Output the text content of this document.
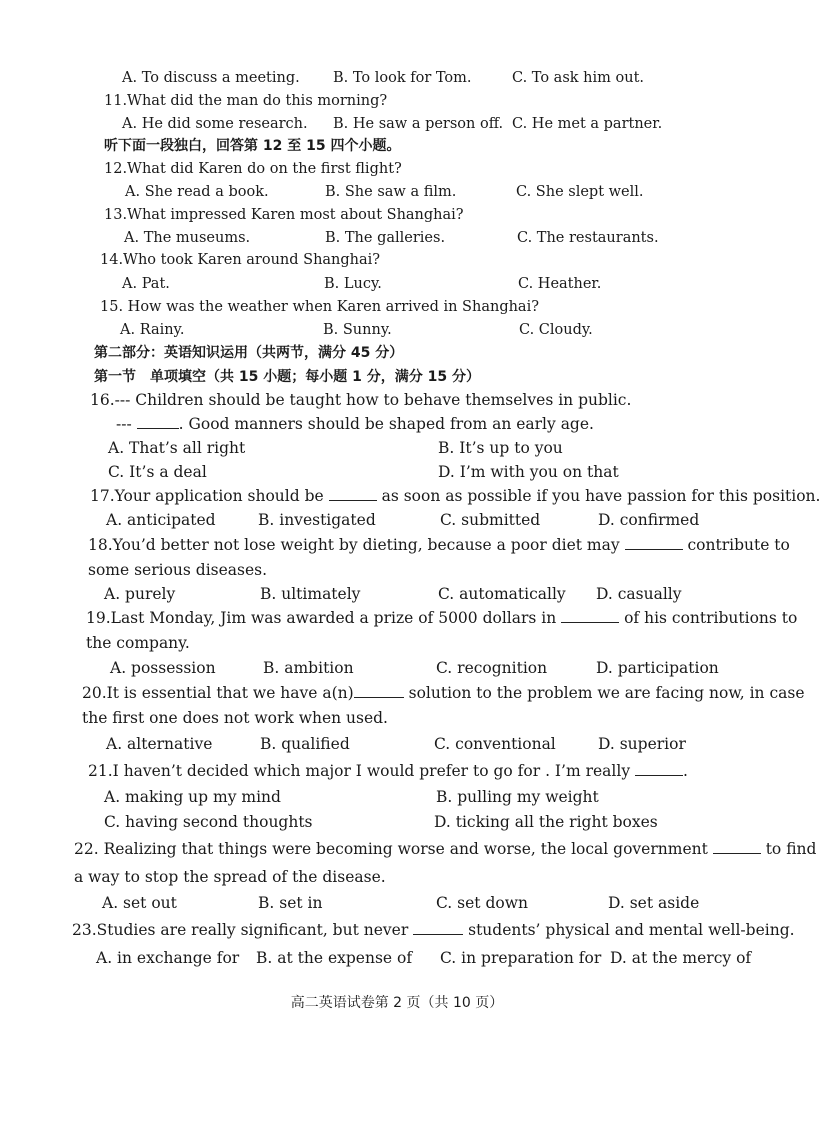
A. To discuss a meeting. B. To look for Tom.	C. To ask him out.
11.What did the man do this morning?
A. He did some research. B. He saw a person off. C. He met a partner.
听下面一段独白，回答第 12 至 15 四个小题。
12.What did Karen do on the first flight?
A. She read a book.	B. She saw a film.	C. She slept well.
13.What impressed Karen most about Shanghai?
A. The museums.	B. The galleries.	C. The restaurants.
14.Who took Karen around Shanghai?
A. Pat.	B. Lucy.	C. Heather.
15. How was the weather when Karen arrived in Shanghai?
A. Rainy.	B. Sunny.	C. Cloudy.
第二部分：英语知识运用（共两节，满分 45 分）
第一节　单项填空（共 15 小题；每小题 1 分，满分 15 分）
16.--- Children should be taught how to behave themselves in public.
---	. Good manners should be shaped from an early age.
A. That’s all right	B. It’s up to you
C. It’s a deal	D. I’m with you on that
17.Your application should be	as soon as possible if you have passion for this position.
A. anticipated	B. investigated	C. submitted	D. confirmed
18.You’d better not lose weight by dieting, because a poor diet may	contribute to
some serious diseases.
A. purely	B. ultimately	C. automatically D. casually
19.Last Monday, Jim was awarded a prize of 5000 dollars in	of his contributions to
the company.
A. possession	B. ambition	C. recognition	D. participation
20.It is essential that we have a(n)	solution to the problem we are facing now, in case
the first one does not work when used.
A. alternative	B. qualified	C. conventional	D. superior
21.I haven’t decided which major I would prefer to go for . I’m really	.
A. making up my mind	B. pulling my weight
C. having second thoughts	D. ticking all the right boxes
22. Realizing that things were becoming worse and worse, the local government	to find
a way to stop the spread of the disease.
A. set out	B. set in	C. set down	D. set aside
23.Studies are really significant, but never	students’ physical and mental well-being.
A. in exchange for B. at the expense of C. in preparation for D. at the mercy of
高二英语试卷第 2 页（共 10 页）
